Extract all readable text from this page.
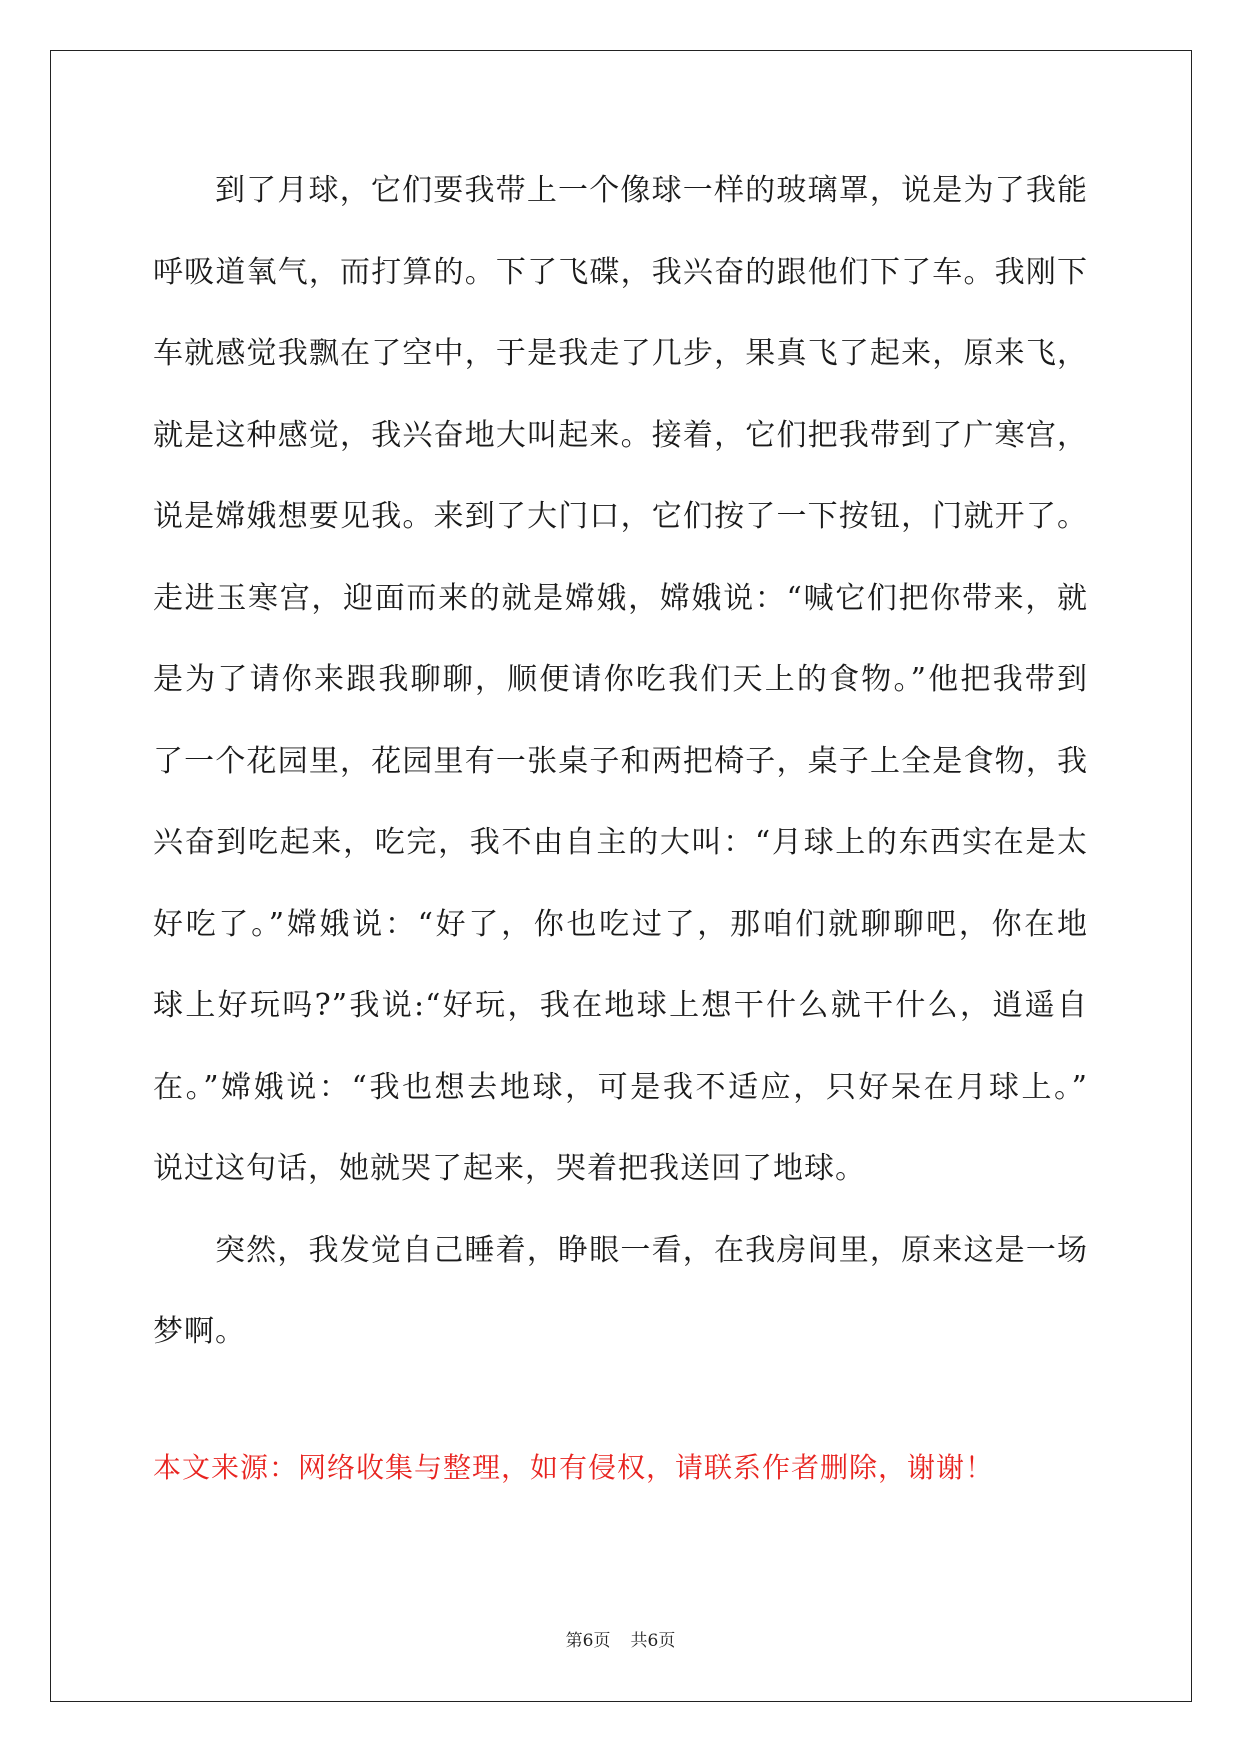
到了月球，它们要我带上一个像球一样的玻璃罩，说是为了我能
呼吸道氧气，而打算的。下了飞碟，我兴奋的跟他们下了车。我刚下
车就感觉我飘在了空中，于是我走了几步，果真飞了起来，原来飞，
就是这种感觉，我兴奋地大叫起来。接着，它们把我带到了广寒宫，
说是嫦娥想要见我。来到了大门口，它们按了一下按钮，门就开了。
走进玉寒宫，迎面而来的就是嫦娥，嫦娥说：“喊它们把你带来，就
是为了请你来跟我聊聊，顺便请你吃我们天上的食物。”他把我带到
了一个花园里，花园里有一张桌子和两把椅子，桌子上全是食物，我
兴奋到吃起来，吃完，我不由自主的大叫：“月球上的东西实在是太
好吃了。”嫦娥说：“好了，你也吃过了，那咱们就聊聊吧，你在地
球上好玩吗?”我说:“好玩，我在地球上想干什么就干什么，逍遥自
在。”嫦娥说：“我也想去地球，可是我不适应，只好呆在月球上。”
说过这句话，她就哭了起来，哭着把我送回了地球。
突然，我发觉自己睡着，睁眼一看，在我房间里，原来这是一场
梦啊。
本文来源：网络收集与整理，如有侵权，请联系作者删除，谢谢！
第6页 共6页
